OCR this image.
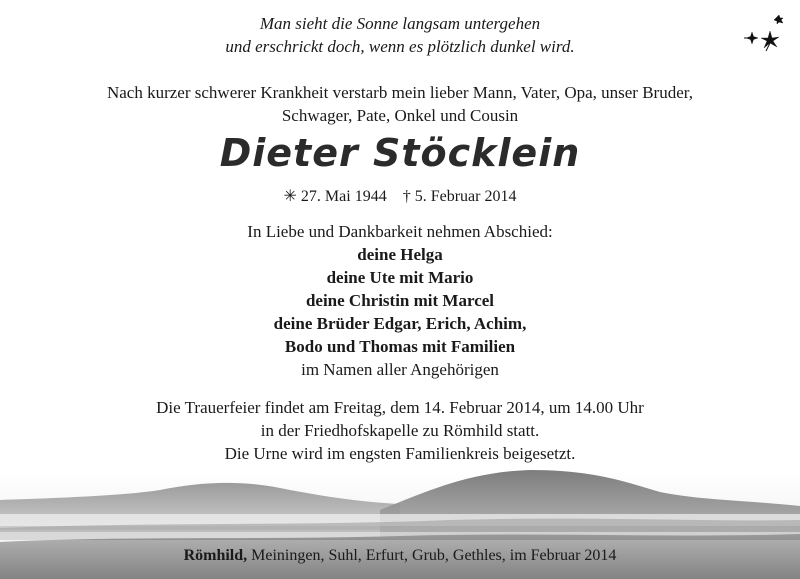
Man sieht die Sonne langsam untergehen
und erschrickt doch, wenn es plötzlich dunkel wird.
Nach kurzer schwerer Krankheit verstarb mein lieber Mann, Vater, Opa, unser Bruder,
Schwager, Pate, Onkel und Cousin
Dieter Stöcklein
✳ 27. Mai 1944 † 5. Februar 2014
In Liebe und Dankbarkeit nehmen Abschied:
deine Helga
deine Ute mit Mario
deine Christin mit Marcel
deine Brüder Edgar, Erich, Achim,
Bodo und Thomas mit Familien
im Namen aller Angehörigen
Die Trauerfeier findet am Freitag, dem 14. Februar 2014, um 14.00 Uhr
in der Friedhofskapelle zu Römhild statt.
Die Urne wird im engsten Familienkreis beigesetzt.
Römhild, Meiningen, Suhl, Erfurt, Grub, Gethles, im Februar 2014
